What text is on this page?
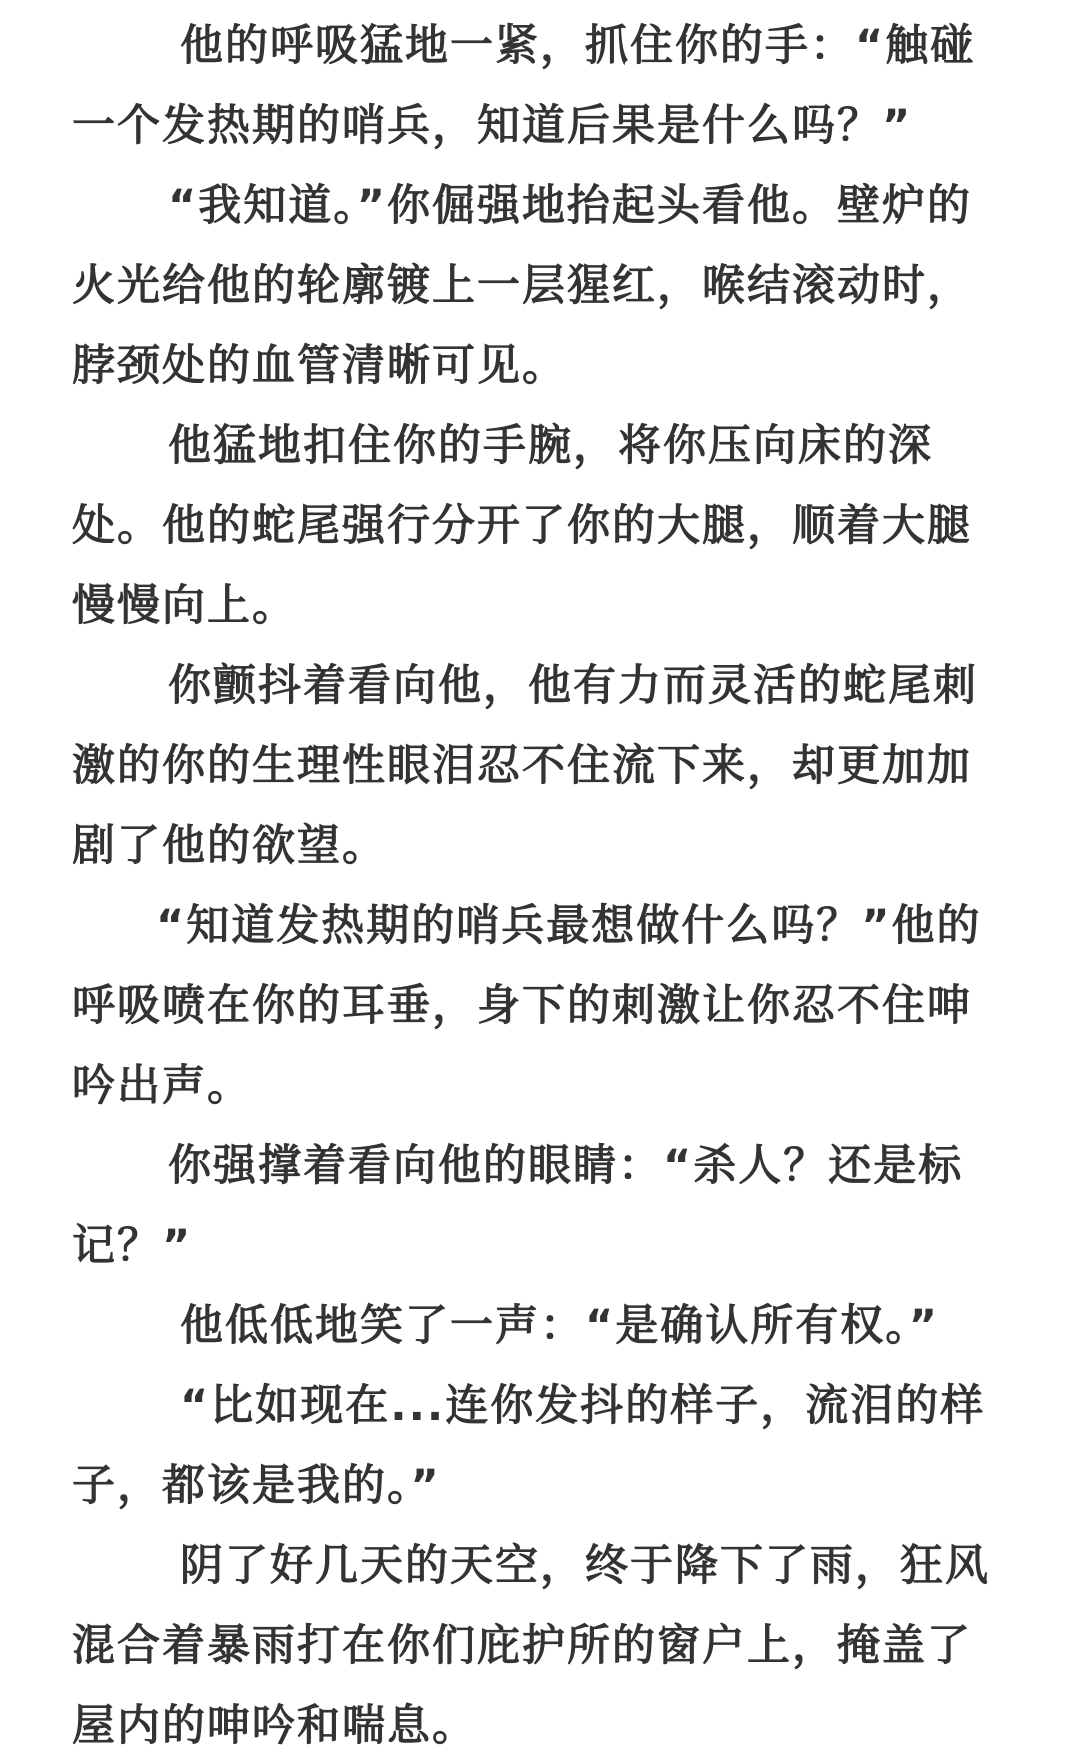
他的呼吸猛地一紧，抓住你的手：“触碰一个发热期的哨兵，知道后果是什么吗？”

“我知道。”你倔强地抬起头看他。壁炉的火光给他的轮廓镀上一层猩红，喉结滚动时，脖颈处的血管清晰可见。

他猛地扣住你的手腕，将你压向床的深处。他的蛇尾强行分开了你的大腿，顺着大腿慢慢向上。

你颤抖着看向他，他有力而灵活的蛇尾刺激的你的生理性眼泪忍不住流下来，却更加加剧了他的欲望。

“知道发热期的哨兵最想做什么吗？”他的呼吸喷在你的耳垂，身下的刺激让你忍不住呻吟出声。

你强撑着看向他的眼睛：“杀人？还是标记？”

他低低地笑了一声：“是确认所有权。”

“比如现在...连你发抖的样子，流泪的样子，都该是我的。”

阴了好几天的天空，终于降下了雨，狂风混合着暴雨打在你们庇护所的窗户上，掩盖了屋内的呻吟和喘息。
